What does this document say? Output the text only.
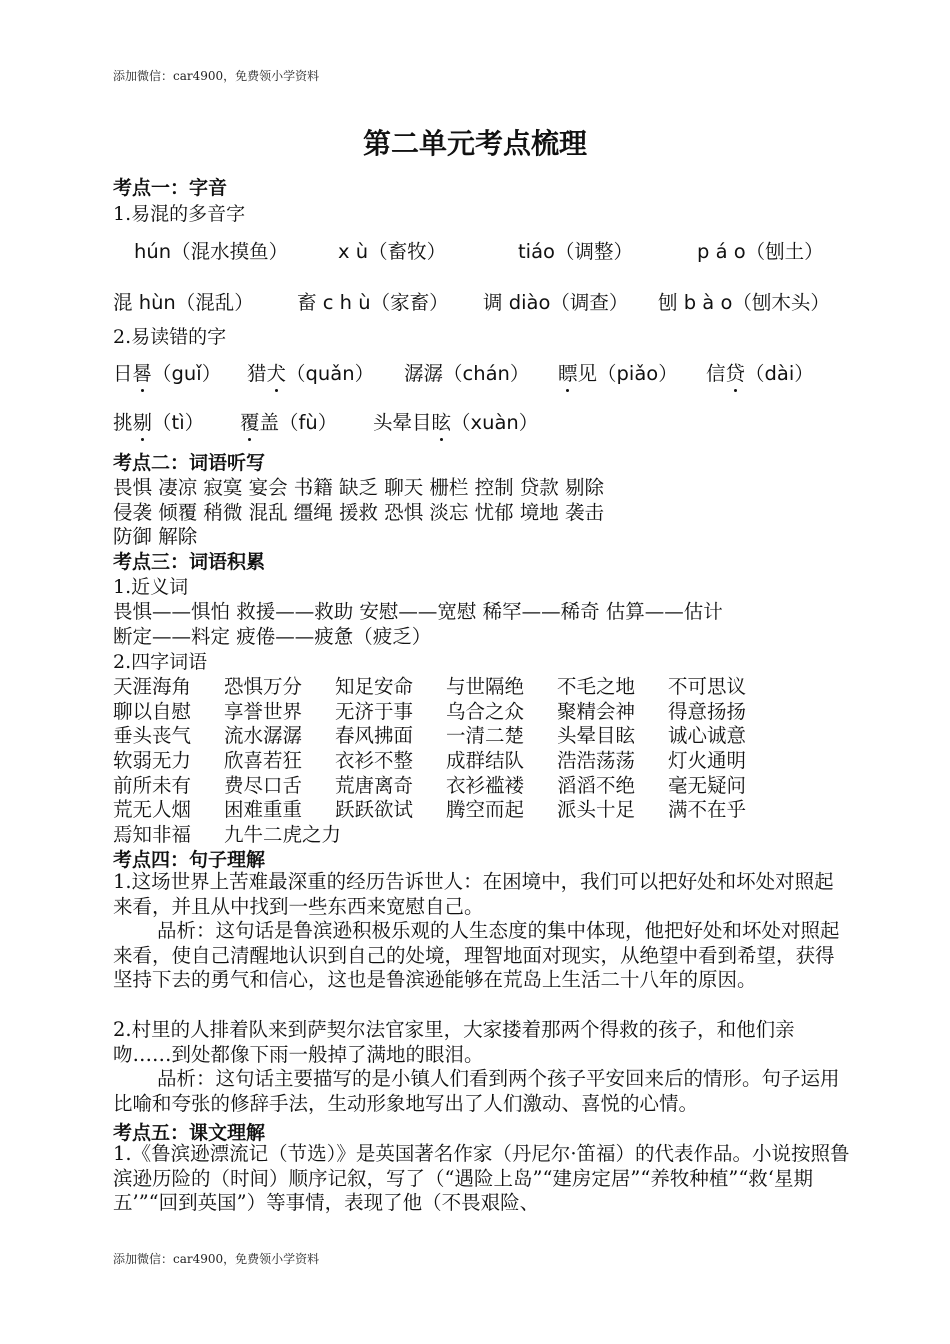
添加微信：car4900，免费领小学资料
第二单元考点梳理
考点一：字音
1.易混的多音字
hún（混水摸鱼）	x ù（畜牧）	tiáo（调整）	p á o（刨土）
混 hùn（混乱） 畜 c h ù（家畜） 调 diào（调查） 刨 b à o（刨木头）
2.易读错的字
日晷（guǐ） 猎犬（quǎn） 潺潺（chán） 瞟见（piǎo） 信贷（dài）
挑剔（tì） 覆盖（fù） 头晕目眩（xuàn）
考点二：词语听写
畏惧 凄凉 寂寞 宴会 书籍 缺乏 聊天 栅栏 控制 贷款 剔除
侵袭 倾覆 稍微 混乱 缰绳 援救 恐惧 淡忘 忧郁 境地 袭击
防御 解除
考点三：词语积累
1.近义词
畏惧——惧怕 救援——救助 安慰——宽慰 稀罕——稀奇 估算——估计
断定——料定 疲倦——疲惫（疲乏）
2.四字词语
天涯海角 恐惧万分 知足安命 与世隔绝 不毛之地 不可思议
聊以自慰 享誉世界 无济于事 乌合之众 聚精会神 得意扬扬
垂头丧气 流水潺潺 春风拂面 一清二楚 头晕目眩 诚心诚意
软弱无力 欣喜若狂 衣衫不整 成群结队 浩浩荡荡 灯火通明
前所未有 费尽口舌 荒唐离奇 衣衫褴褛 滔滔不绝 毫无疑问
荒无人烟 困难重重 跃跃欲试 腾空而起 派头十足 满不在乎
焉知非福 九牛二虎之力
考点四：句子理解
1.这场世界上苦难最深重的经历告诉世人：在困境中，我们可以把好处和坏处对照起来看，并且从中找到一些东西来宽慰自己。
品析：这句话是鲁滨逊积极乐观的人生态度的集中体现，他把好处和坏处对照起来看，使自己清醒地认识到自己的处境，理智地面对现实，从绝望中看到希望，获得坚持下去的勇气和信心，这也是鲁滨逊能够在荒岛上生活二十八年的原因。
2.村里的人排着队来到萨契尔法官家里，大家搂着那两个得救的孩子，和他们亲吻……到处都像下雨一般掉了满地的眼泪。
品析：这句话主要描写的是小镇人们看到两个孩子平安回来后的情形。句子运用比喻和夸张的修辞手法，生动形象地写出了人们激动、喜悦的心情。
考点五：课文理解
1.《鲁滨逊漂流记（节选）》是英国著名作家（丹尼尔·笛福）的代表作品。小说按照鲁滨逊历险的（时间）顺序记叙，写了（“遇险上岛”“建房定居”“养牧种植”“救‘星期五’”“回到英国”）等事情，表现了他（不畏艰险、
添加微信：car4900，免费领小学资料
